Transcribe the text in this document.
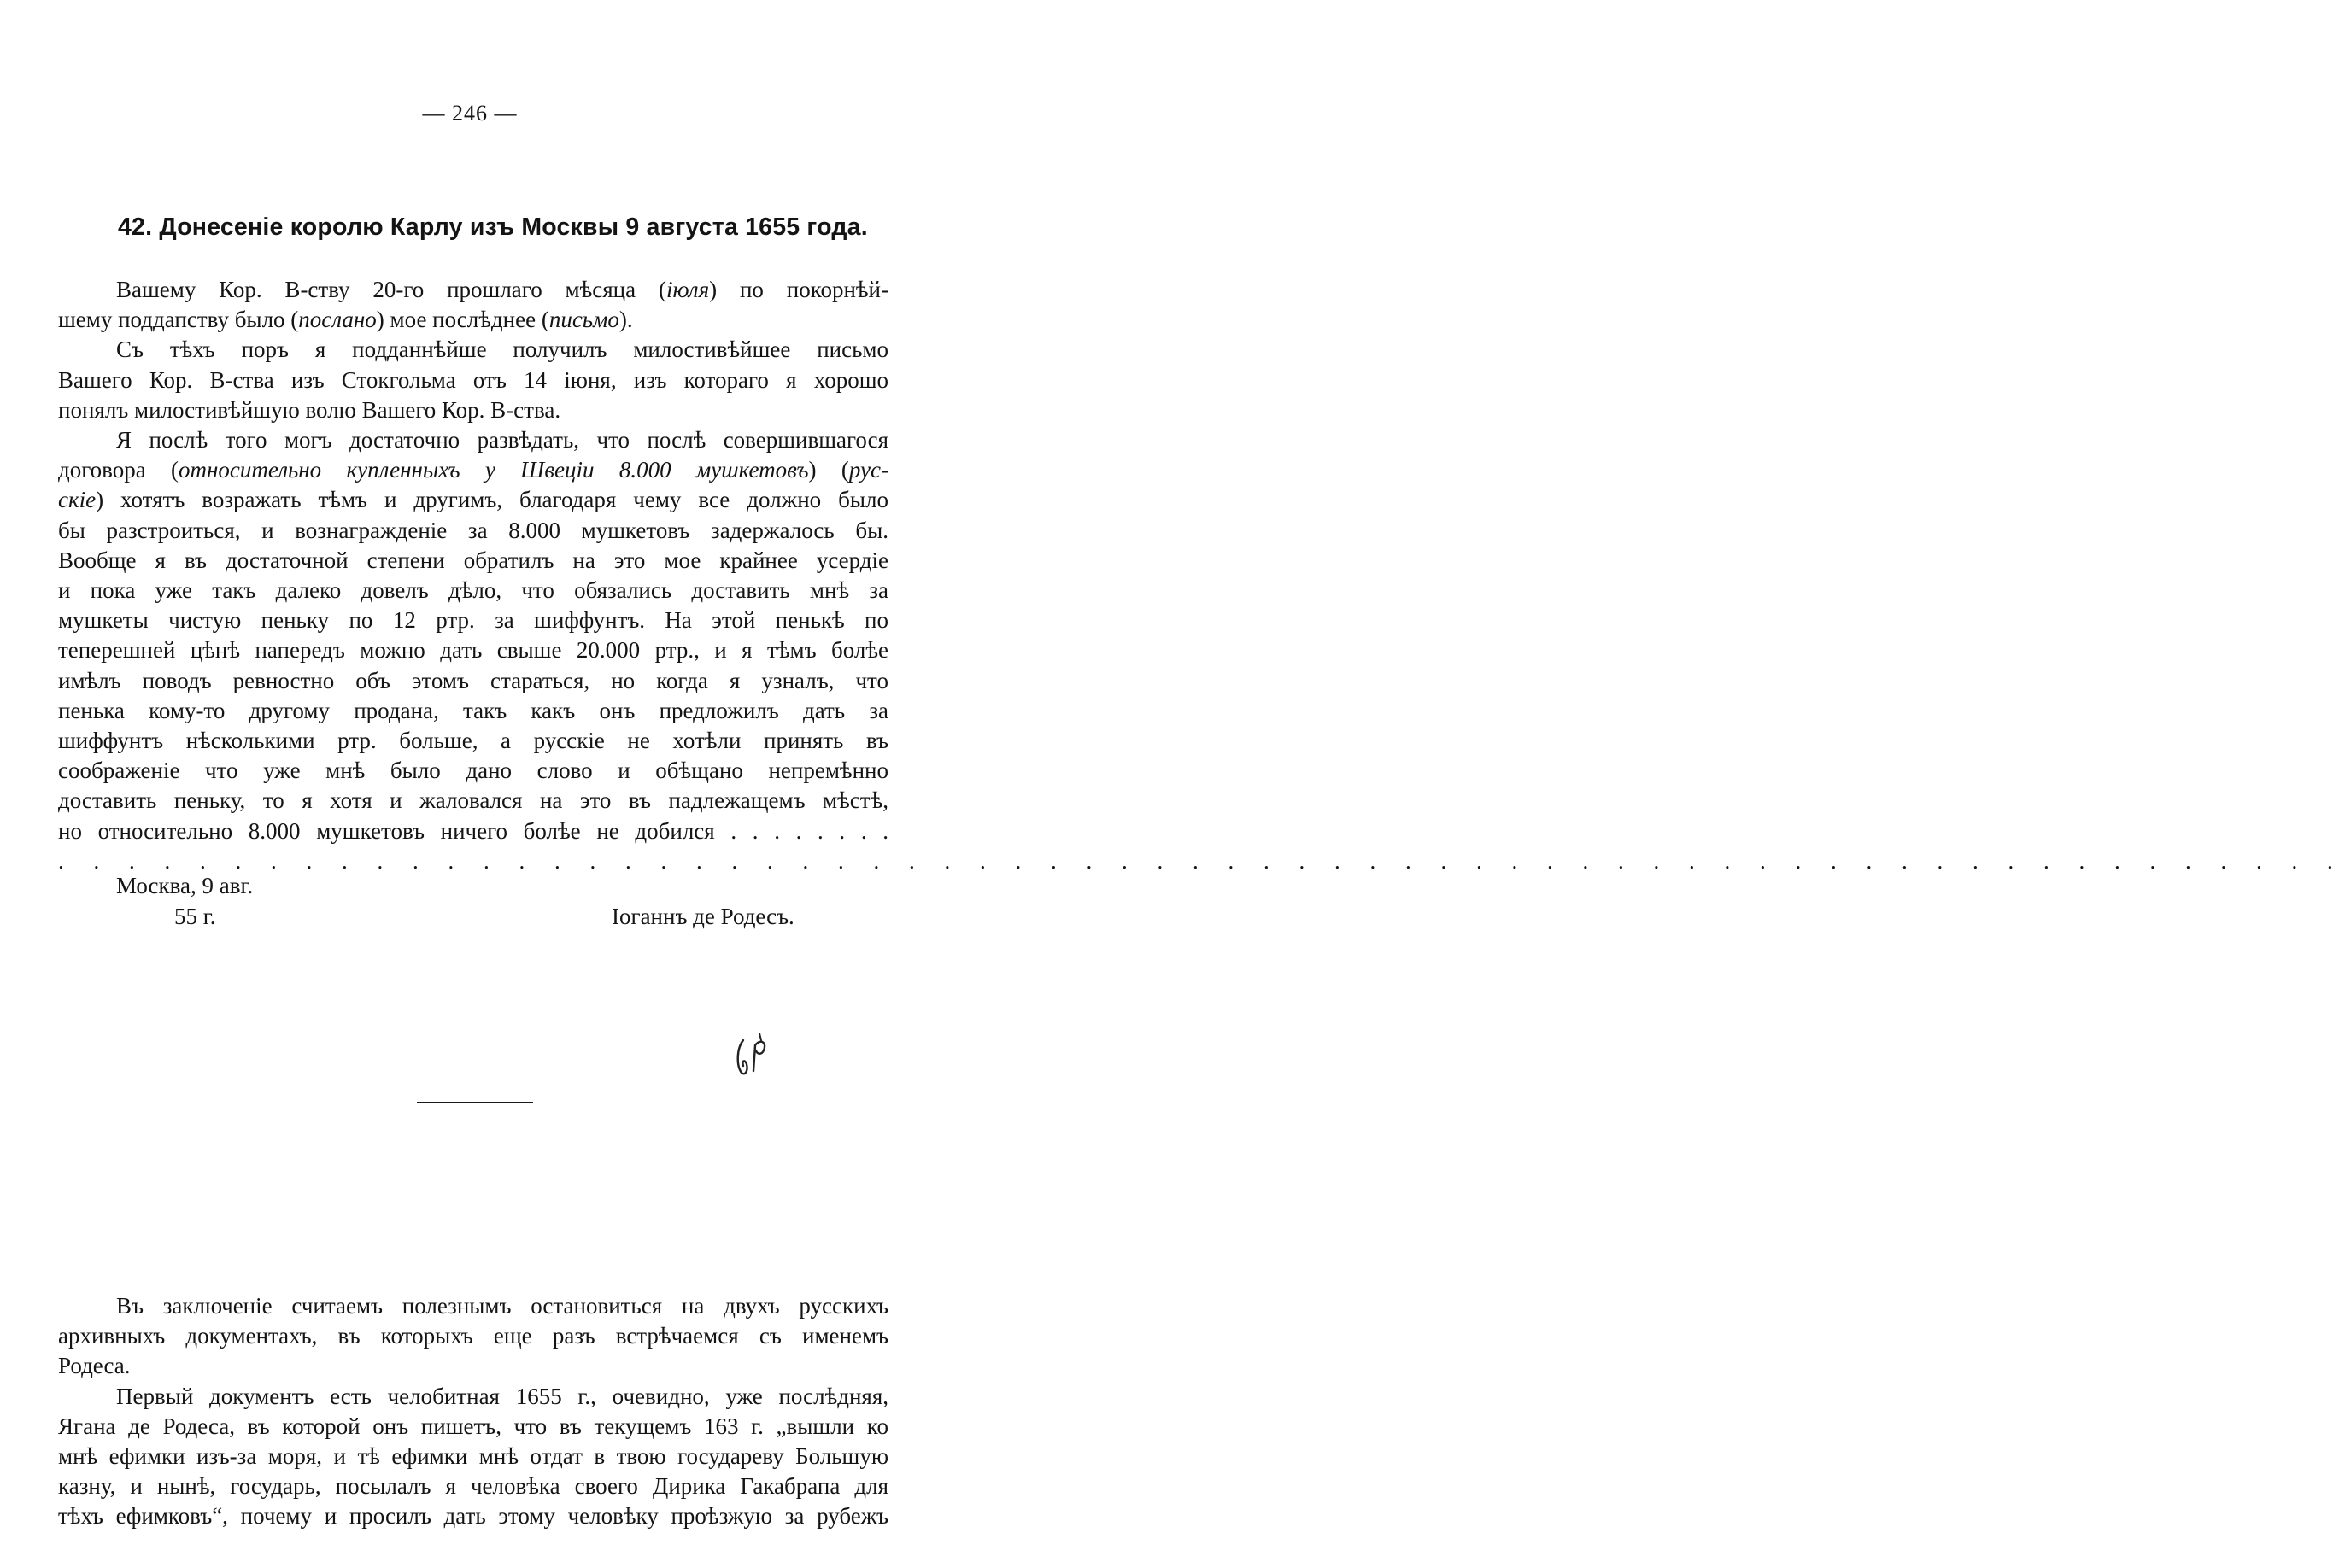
— 246 —
42. Донесеніе королю Карлу изъ Москвы 9 августа 1655 года.

Вашему Кор. В-ству 20-го прошлаго мѣсяца (іюля) по покорнѣй-
шему поддапству было (послано) мое послѣднее (письмо).

Съ тѣхъ поръ я подданнѣйше получилъ милостивѣйшее письмо
Вашего Кор. В-ства изъ Стокгольма отъ 14 іюня, изъ котораго я хорошо
понялъ милостивѣйшую волю Вашего Кор. В-ства.

Я послѣ того могъ достаточно развѣдать, что послѣ совершившагося
договора (относительно купленныхъ у Швеціи 8.000 мушкетовъ) (рус-
скіе) хотятъ возражать тѣмъ и другимъ, благодаря чему все должно было
бы разстроиться, и вознагражденіе за 8.000 мушкетовъ задержалось бы.
Вообще я въ достаточной степени обратилъ на это мое крайнее усердіе
и пока уже такъ далеко довелъ дѣло, что обязались доставить мнѣ за
мушкеты чистую пеньку по 12 ртр. за шиффунтъ. На этой пенькѣ по
теперешней цѣнѣ напередъ можно дать свыше 20.000 ртр., и я тѣмъ болѣе
имѣлъ поводъ ревностно объ этомъ стараться, но когда я узналъ, что
пенька кому-то другому продана, такъ какъ онъ предложилъ дать за
шиффунтъ нѣсколькими ртр. больше, а русскіе не хотѣли принять въ
соображеніе что уже мнѣ было дано слово и обѣщано непремѣнно
доставить пеньку, то я хотя и жаловался на это въ падлежащемъ мѣстѣ,
но относительно 8.000 мушкетовъ ничего болѣе не добился . . . . . . . .
. . . . . . . . . . . . . . . . . . . . . . . . . . . . . . . . . . . . . . . . . . . . . . . . . . . . . . . . . . . . . . . . .

Москва, 9 авг.
55 г.	Іоганнъ де Родесъ.

Въ заключеніе считаемъ полезнымъ остановиться на двухъ русскихъ
архивныхъ документахъ, въ которыхъ еще разъ встрѣчаемся съ именемъ
Родеса.

Первый документъ есть челобитная 1655 г., очевидно, уже послѣдняя,
Ягана де Родеса, въ которой онъ пишетъ, что въ текущемъ 163 г. „вышли ко
мнѣ ефимки изъ-за моря, и тѣ ефимки мнѣ отдат в твою государеву Большую
казну, и нынѣ, государь, посылалъ я человѣка своего Дирика Гакабрапа для
тѣхъ ефимковъ“, почему и просилъ дать этому человѣку проѣзжую за рубежъ
